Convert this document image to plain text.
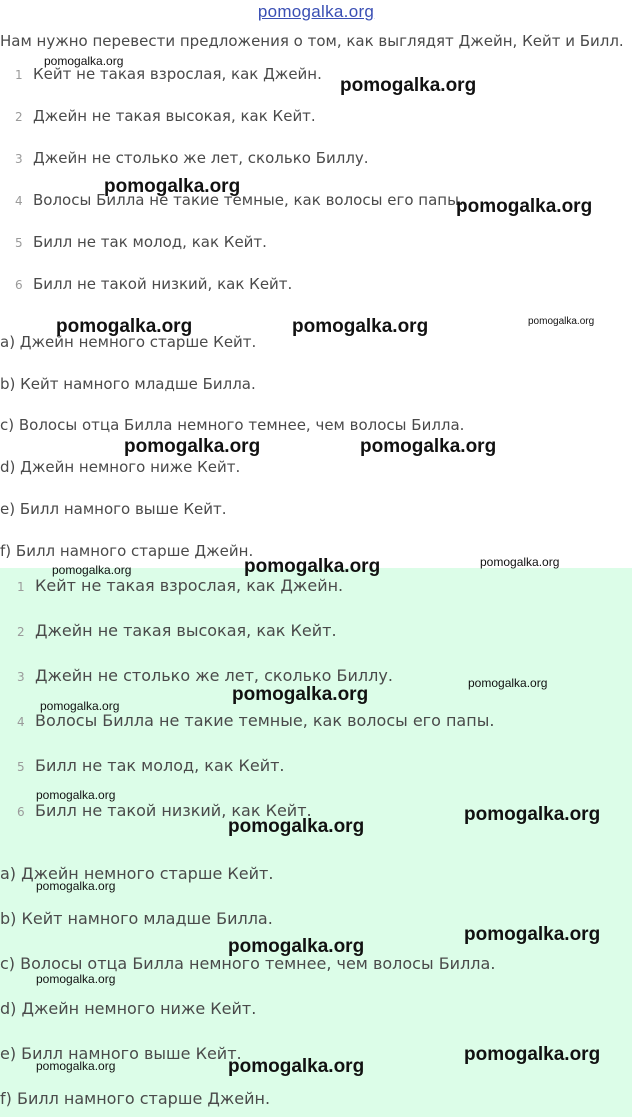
pomogalka.org
Нам нужно перевести предложения о том, как выглядят Джейн, Кейт и Билл.
1 Кейт не такая взрослая, как Джейн.
2 Джейн не такая высокая, как Кейт.
3 Джейн не столько же лет, сколько Биллу.
4 Волосы Билла не такие темные, как волосы его папы.
5 Билл не так молод, как Кейт.
6 Билл не такой низкий, как Кейт.
a) Джейн немного старше Кейт.
b) Кейт намного младше Билла.
c) Волосы отца Билла немного темнее, чем волосы Билла.
d) Джейн немного ниже Кейт.
e) Билл намного выше Кейт.
f) Билл намного старше Джейн.
1 Кейт не такая взрослая, как Джейн.
2 Джейн не такая высокая, как Кейт.
3 Джейн не столько же лет, сколько Биллу.
4 Волосы Билла не такие темные, как волосы его папы.
5 Билл не так молод, как Кейт.
6 Билл не такой низкий, как Кейт.
a) Джейн немного старше Кейт.
b) Кейт намного младше Билла.
c) Волосы отца Билла немного темнее, чем волосы Билла.
d) Джейн немного ниже Кейт.
e) Билл намного выше Кейт.
f) Билл намного старше Джейн.
pomogalka.org
pomogalka.org
pomogalka.org
pomogalka.org
pomogalka.org	pomogalka.org	pomogalka.org
pomogalka.org	pomogalka.org
pomogalka.org	pomogalka.org	pomogalka.org
pomogalka.org
pomogalka.org
pomogalka.org
pomogalka.org
pomogalka.org
pomogalka.org
pomogalka.org
pomogalka.org
pomogalka.org
pomogalka.org
pomogalka.org
pomogalka.org
pomogalka.org
